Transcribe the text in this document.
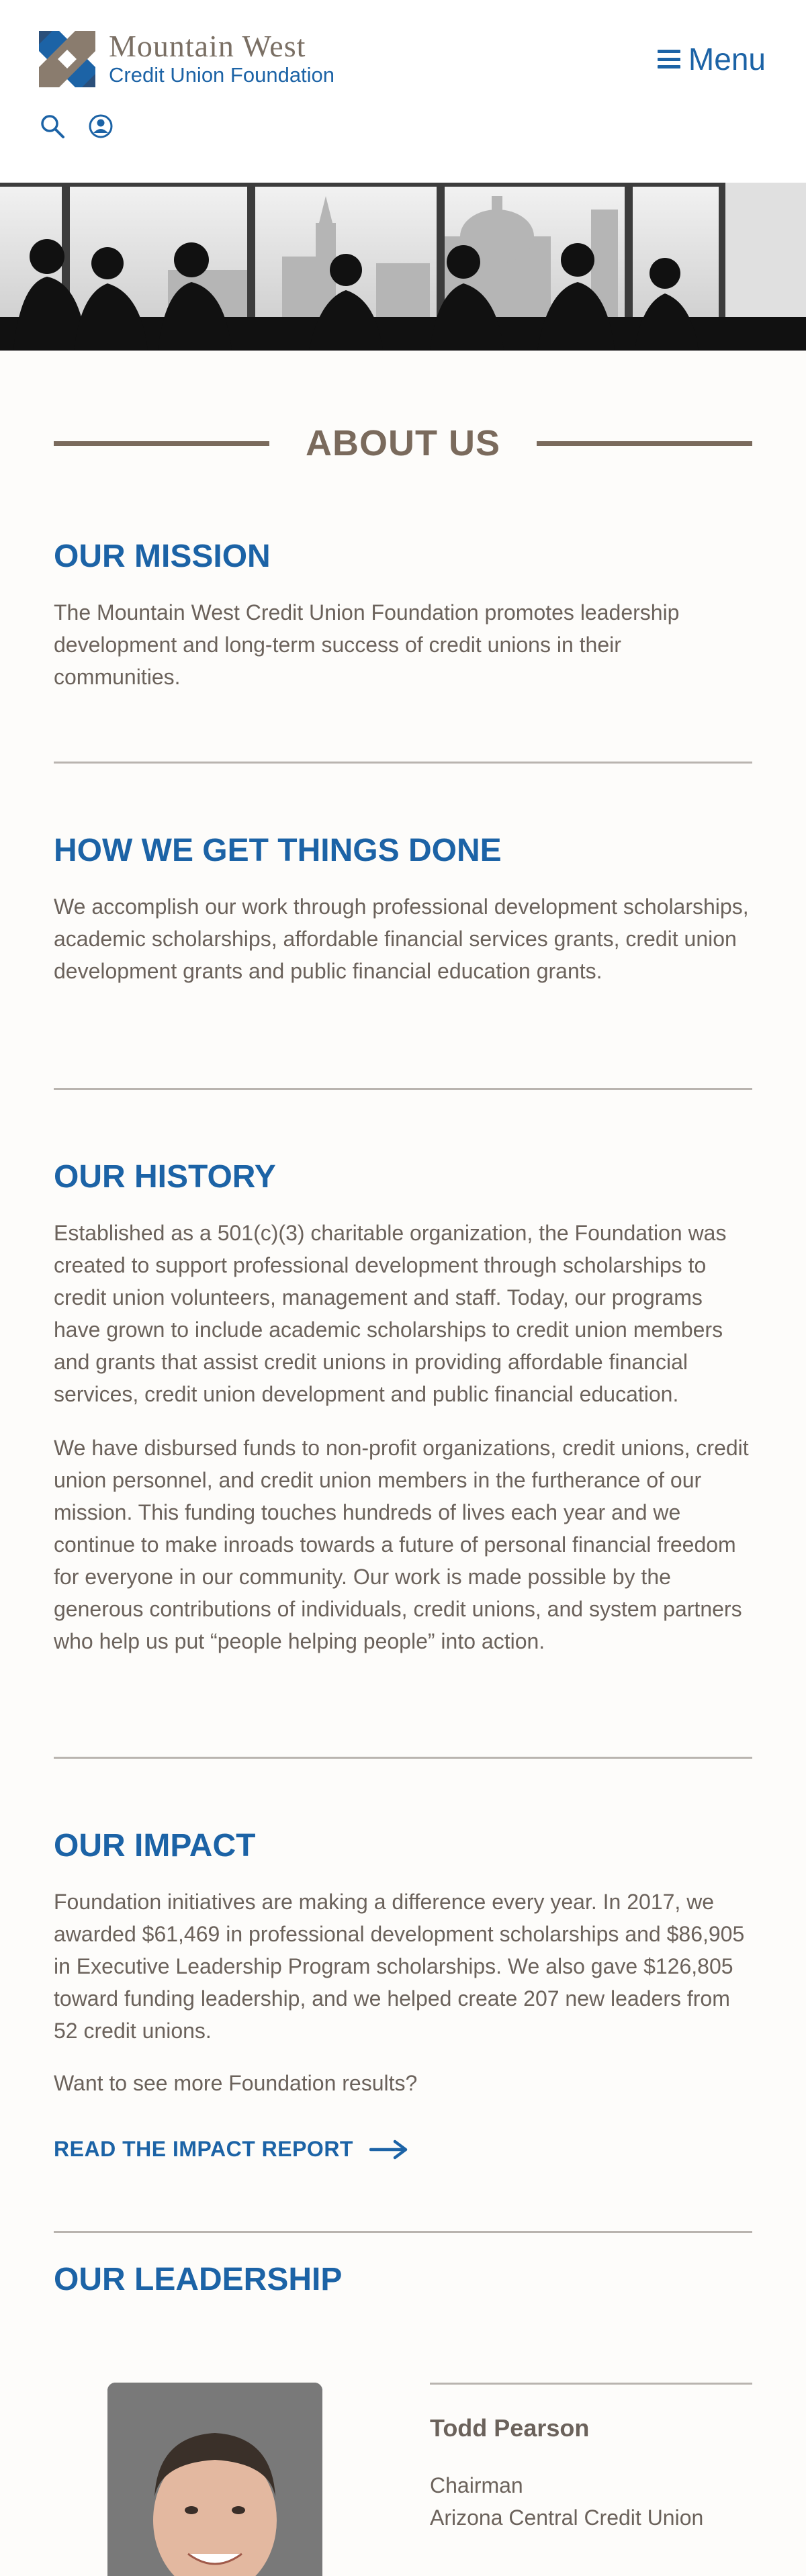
Mountain West
Credit Union Foundation	Menu
ABOUT US
OUR MISSION

The Mountain West Credit Union Foundation promotes leadership development and long-term success of credit unions in their communities.

HOW WE GET THINGS DONE

We accomplish our work through professional development scholarships, academic scholarships, affordable financial services grants, credit union development grants and public financial education grants.

OUR HISTORY

Established as a 501(c)(3) charitable organization, the Foundation was created to support professional development through scholarships to credit union volunteers, management and staff. Today, our programs have grown to include academic scholarships to credit union members and grants that assist credit unions in providing affordable financial services, credit union development and public financial education.

We have disbursed funds to non-profit organizations, credit unions, credit union personnel, and credit union members in the furtherance of our mission. This funding touches hundreds of lives each year and we continue to make inroads towards a future of personal financial freedom for everyone in our community. Our work is made possible by the generous contributions of individuals, credit unions, and system partners who help us put “people helping people” into action.

OUR IMPACT

Foundation initiatives are making a difference every year. In 2017, we awarded $61,469 in professional development scholarships and $86,905 in Executive Leadership Program scholarships. We also gave $126,805 toward funding leadership, and we helped create 207 new leaders from 52 credit unions.

Want to see more Foundation results?

READ THE IMPACT REPORT
OUR LEADERSHIP
Todd Pearson
Chairman
Arizona Central Credit Union
